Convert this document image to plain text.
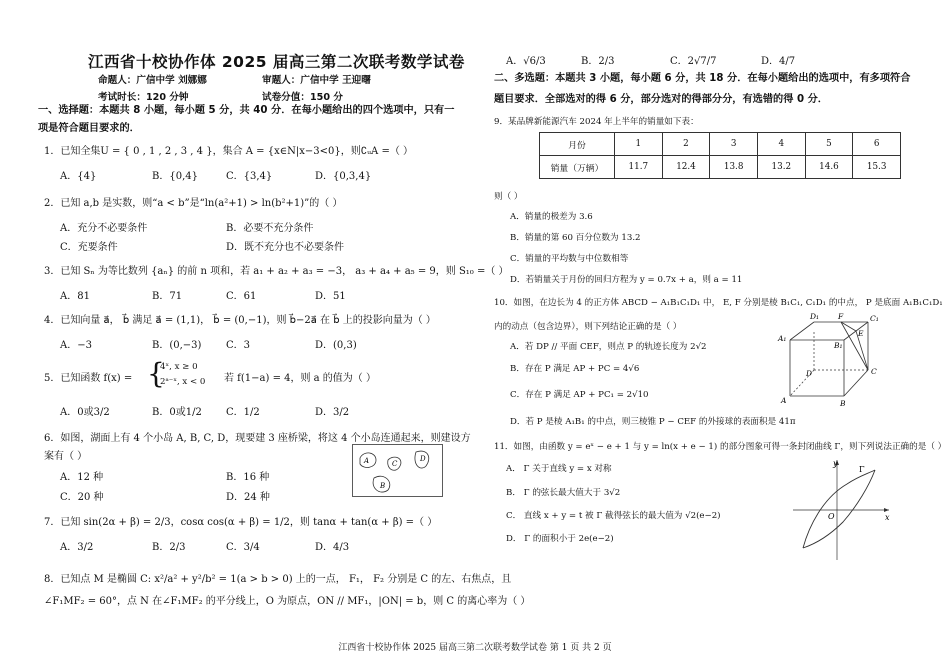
江西省十校协作体 2025 届高三第二次联考数学试卷
命题人：广信中学 刘娜娜	审题人：广信中学 王迎曙
考试时长：120 分钟	试卷分值：150 分
一、选择题：本题共 8 小题，每小题 5 分，共 40 分．在每小题给出的四个选项中，只有一
项是符合题目要求的．
1．已知全集U = { 0 , 1 , 2 , 3 , 4 }，集合 A = {x∈N|x−3<0}，则∁ᵤA =（ ）
A．{4}	B．{0,4}	C．{3,4}	D．{0,3,4}
2．已知 a,b 是实数，则“a < b”是“ln(a²+1) > ln(b²+1)”的（ ）
A．充分不必要条件	B．必要不充分条件
C．充要条件	D．既不充分也不必要条件
3．已知 Sₙ 为等比数列 {aₙ} 的前 n 项和，若 a₁ + a₂ + a₃ = −3， a₃ + a₄ + a₅ = 9，则 S₁₀ =（ ）
A．81	B．71	C．61	D．51
4．已知向量 a⃗， b⃗ 满足 a⃗ = (1,1)， b⃗ = (0,−1)，则 b⃗−2a⃗ 在 b⃗ 上的投影向量为（ ）
A．−3	B．(0,−3) C．3	D．(0,3)
5．已知函数 f(x) = {
4ˣ, x ≥ 0
2ᵃ⁻ˣ, x < 0 若 f(1−a) = 4，则 a 的值为（ ）
A．0或3/2	B．0或1/2 C．1/2	D．3/2
6．如图，湖面上有 4 个小岛 A, B, C, D，现要建 3 座桥梁，将这 4 个小岛连通起来，则建设方
案有（ ）
A．12 种	B．16 种
C．20 种	D．24 种
A
B
C
D
7．已知 sin(2α + β) = 2/3，cosα cos(α + β) = 1/2，则 tanα + tan(α + β) =（ ）
A．3/2	B．2/3	C．3/4	D．4/3
8．已知点 M 是椭圆 C: x²/a² + y²/b² = 1(a > b > 0) 上的一点， F₁， F₂ 分别是 C 的左、右焦点，且
∠F₁MF₂ = 60°，点 N 在∠F₁MF₂ 的平分线上，O 为原点，ON // MF₁，|ON| = b，则 C 的离心率为（ ）
A．√6/3	B．2/3	C．2√7/7	D．4/7
二、多选题：本题共 3 小题，每小题 6 分，共 18 分．在每小题给出的选项中，有多项符合
题目要求．全部选对的得 6 分，部分选对的得部分分，有选错的得 0 分．
9．某品牌新能源汽车 2024 年上半年的销量如下表：
月份	1	2	3	4	5	6
销量（万辆）	11.7	12.4	13.8	13.2	14.6	15.3
则（ ）
A．销量的极差为 3.6
B．销量的第 60 百分位数为 13.2
C．销量的平均数与中位数相等
D．若销量关于月份的回归方程为 y = 0.7x + a，则 a = 11
10．如图，在边长为 4 的正方体 ABCD − A₁B₁C₁D₁ 中， E, F 分别是棱 B₁C₁, C₁D₁ 的中点， P 是底面 A₁B₁C₁D₁
内的动点（包含边界），则下列结论正确的是（ ）
A．若 DP // 平面 CEF，则点 P 的轨迹长度为 2√2
B．存在 P 满足 AP + PC = 4√6
C．存在 P 满足 AP + PC₁ = 2√10
D．若 P 是棱 A₁B₁ 的中点，则三棱锥 P − CEF 的外接球的表面积是 41π
D₁	F	C₁
A₁
B₁
E
D	C
A	B
11．如图，由函数 y = eˣ − e + 1 与 y = ln(x + e − 1) 的部分图象可得一条封闭曲线 Γ，则下列说法正确的是（ ）
A． Γ 关于直线 y = x 对称
B． Γ 的弦长最大值大于 3√2
C． 直线 x + y = t 被 Γ 截得弦长的最大值为 √2(e−2)
D． Γ 的面积小于 2e(e−2)
y
x
O
Γ
江西省十校协作体 2025 届高三第二次联考数学试卷 第 1 页 共 2 页
